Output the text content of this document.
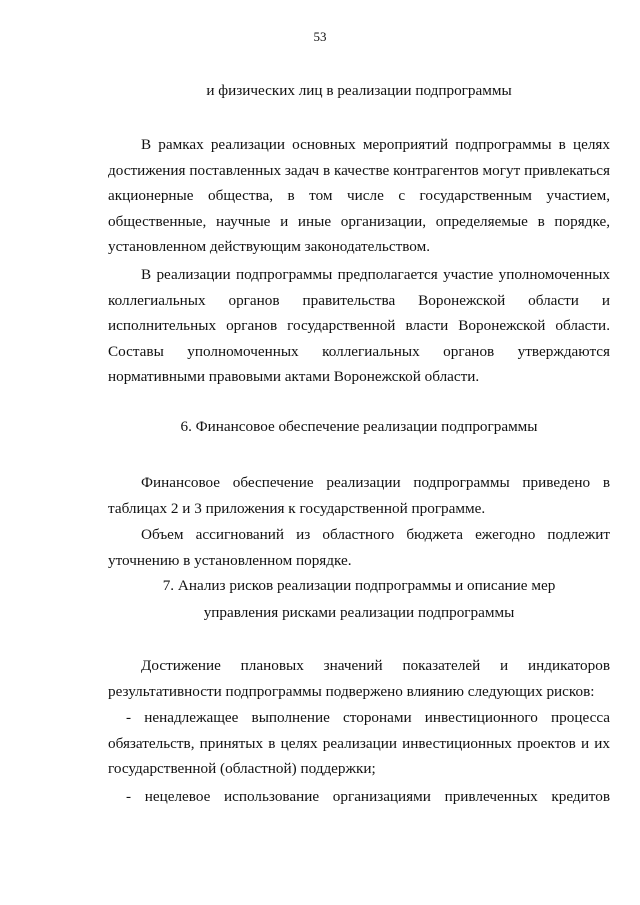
53
и физических лиц в реализации подпрограммы
В рамках реализации основных мероприятий подпрограммы в целях
достижения поставленных задач в качестве контрагентов могут привлекаться
акционерные общества, в том числе с государственным участием,
общественные, научные и иные организации, определяемые в порядке,
установленном действующим законодательством.
В реализации подпрограммы предполагается участие уполномоченных
коллегиальных органов правительства Воронежской области и
исполнительных органов государственной власти Воронежской области.
Составы уполномоченных коллегиальных органов утверждаются
нормативными правовыми актами Воронежской области.
6. Финансовое обеспечение реализации подпрограммы
Финансовое обеспечение реализации подпрограммы приведено в
таблицах 2 и 3 приложения к государственной программе.
Объем ассигнований из областного бюджета ежегодно подлежит
уточнению в установленном порядке.
7. Анализ рисков реализации подпрограммы и описание мер
управления рисками реализации подпрограммы
Достижение плановых значений показателей и индикаторов
результативности подпрограммы подвержено влиянию следующих рисков:
- ненадлежащее выполнение сторонами инвестиционного процесса
обязательств, принятых в целях реализации инвестиционных проектов и их
государственной (областной) поддержки;
- нецелевое использование организациями привлеченных кредитов
